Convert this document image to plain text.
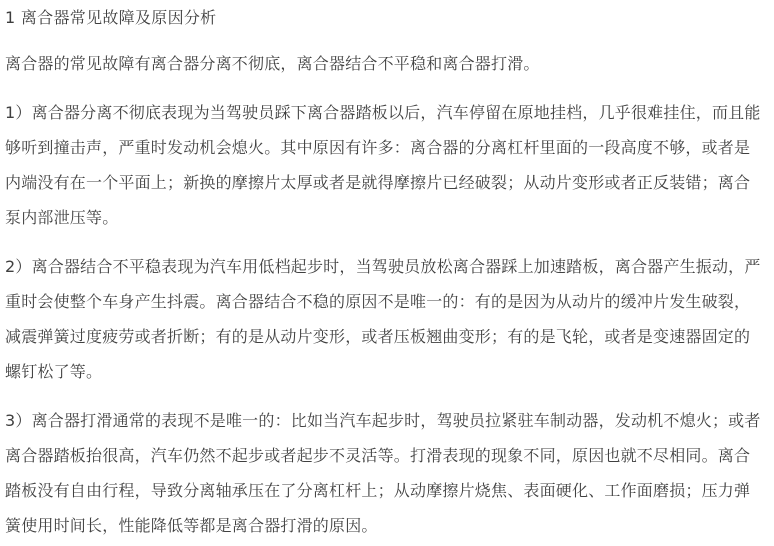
1 离合器常见故障及原因分析

离合器的常见故障有离合器分离不彻底，离合器结合不平稳和离合器打滑。

1）离合器分离不彻底表现为当驾驶员踩下离合器踏板以后，汽车停留在原地挂档，几乎很难挂住，而且能够听到撞击声，严重时发动机会熄火。其中原因有许多：离合器的分离杠杆里面的一段高度不够，或者是内端没有在一个平面上；新换的摩擦片太厚或者是就得摩擦片已经破裂；从动片变形或者正反装错；离合泵内部泄压等。

2）离合器结合不平稳表现为汽车用低档起步时，当驾驶员放松离合器踩上加速踏板，离合器产生振动，严重时会使整个车身产生抖震。离合器结合不稳的原因不是唯一的：有的是因为从动片的缓冲片发生破裂，减震弹簧过度疲劳或者折断；有的是从动片变形，或者压板翘曲变形；有的是飞轮，或者是变速器固定的螺钉松了等。

3）离合器打滑通常的表现不是唯一的：比如当汽车起步时，驾驶员拉紧驻车制动器，发动机不熄火；或者离合器踏板抬很高，汽车仍然不起步或者起步不灵活等。打滑表现的现象不同，原因也就不尽相同。离合踏板没有自由行程，导致分离轴承压在了分离杠杆上；从动摩擦片烧焦、表面硬化、工作面磨损；压力弹簧使用时间长，性能降低等都是离合器打滑的原因。
